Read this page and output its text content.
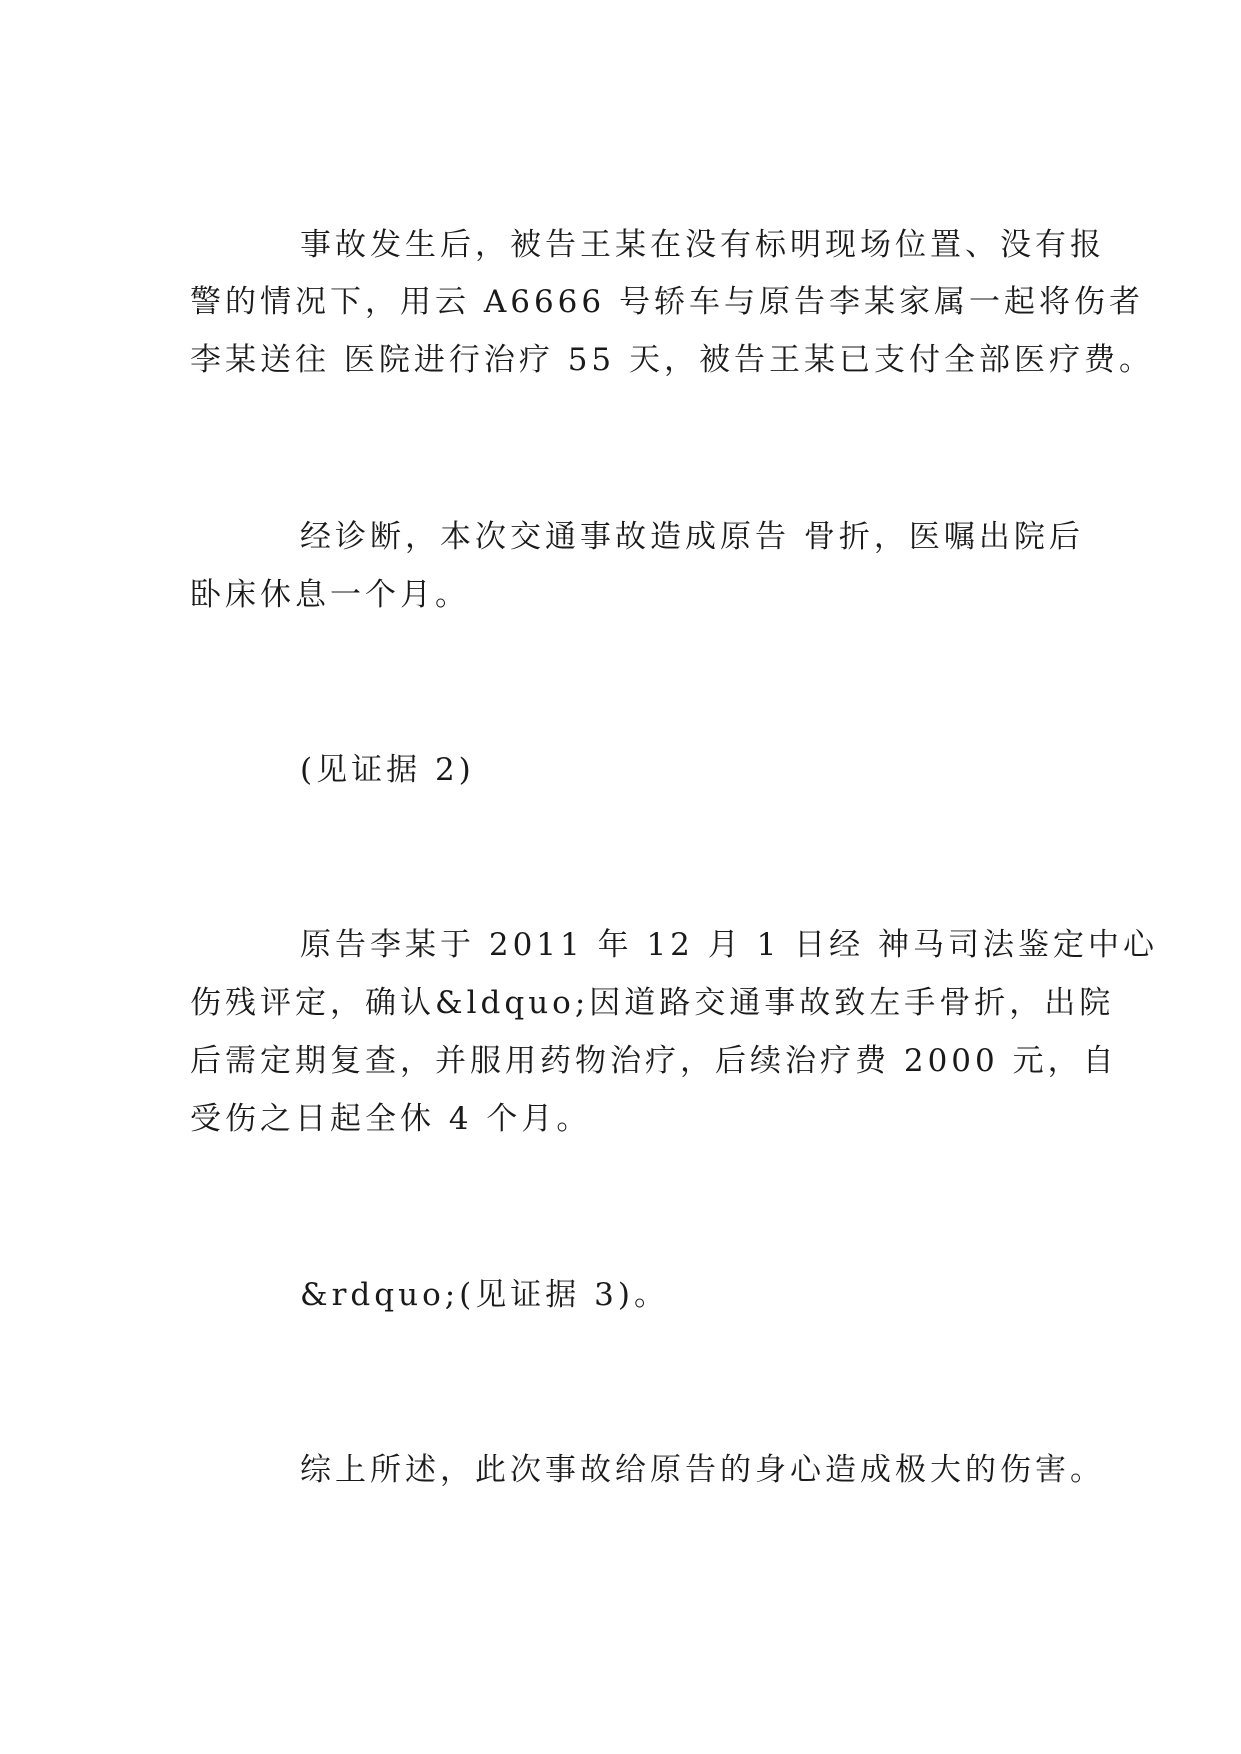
事故发生后，被告王某在没有标明现场位置、没有报
警的情况下，用云 A6666 号轿车与原告李某家属一起将伤者
李某送往 医院进行治疗 55 天，被告王某已支付全部医疗费。
经诊断，本次交通事故造成原告 骨折，医嘱出院后
卧床休息一个月。
(见证据 2)
原告李某于 2011 年 12 月 1 日经 神马司法鉴定中心
伤残评定，确认&ldquo;因道路交通事故致左手骨折，出院
后需定期复查，并服用药物治疗，后续治疗费 2000 元，自
受伤之日起全休 4 个月。
&rdquo;(见证据 3)。
综上所述，此次事故给原告的身心造成极大的伤害。
